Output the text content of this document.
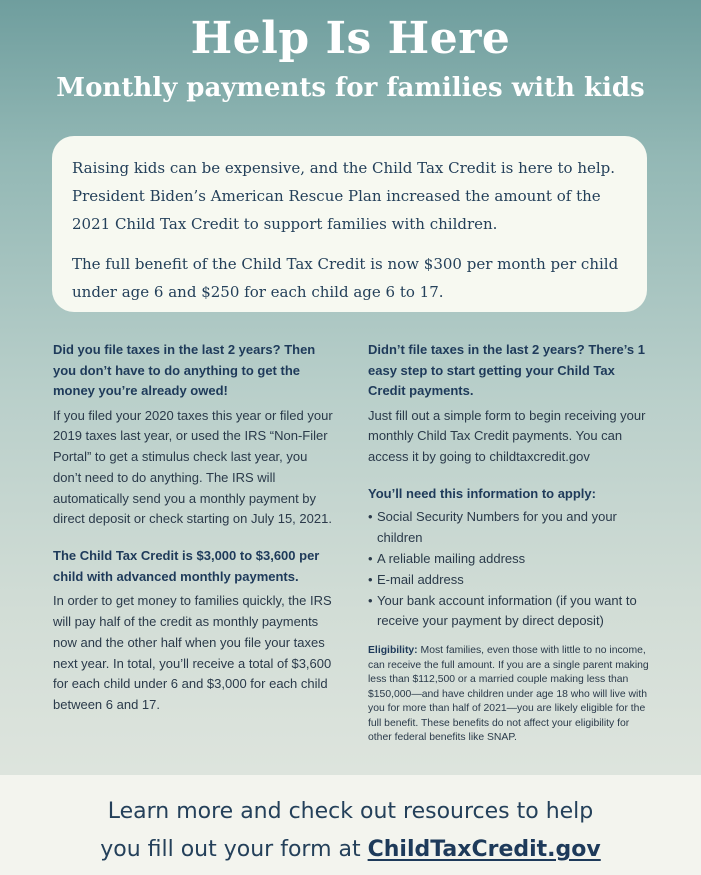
Help Is Here
Monthly payments for families with kids

Raising kids can be expensive, and the Child Tax Credit is here to help. President Biden’s American Rescue Plan increased the amount of the 2021 Child Tax Credit to support families with children.

The full benefit of the Child Tax Credit is now $300 per month per child under age 6 and $250 for each child age 6 to 17.

Did you file taxes in the last 2 years? Then you don’t have to do anything to get the money you’re already owed!

If you filed your 2020 taxes this year or filed your 2019 taxes last year, or used the IRS “Non-Filer Portal” to get a stimulus check last year, you don’t need to do anything. The IRS will automatically send you a monthly payment by direct deposit or check starting on July 15, 2021.

The Child Tax Credit is $3,000 to $3,600 per child with advanced monthly payments.

In order to get money to families quickly, the IRS will pay half of the credit as monthly payments now and the other half when you file your taxes next year. In total, you’ll receive a total of $3,600 for each child under 6 and $3,000 for each child between 6 and 17.

Didn’t file taxes in the last 2 years? There’s 1 easy step to start getting your Child Tax Credit payments.

Just fill out a simple form to begin receiving your monthly Child Tax Credit payments. You can access it by going to childtaxcredit.gov

You’ll need this information to apply:
• Social Security Numbers for you and your children
• A reliable mailing address
• E-mail address
• Your bank account information (if you want to receive your payment by direct deposit)
Eligibility: Most families, even those with little to no income, can receive the full amount. If you are a single parent making less than $112,500 or a married couple making less than $150,000—and have children under age 18 who will live with you for more than half of 2021—you are likely eligible for the full benefit. These benefits do not affect your eligibility for other federal benefits like SNAP.
Learn more and check out resources to help
you fill out your form at ChildTaxCredit.gov
